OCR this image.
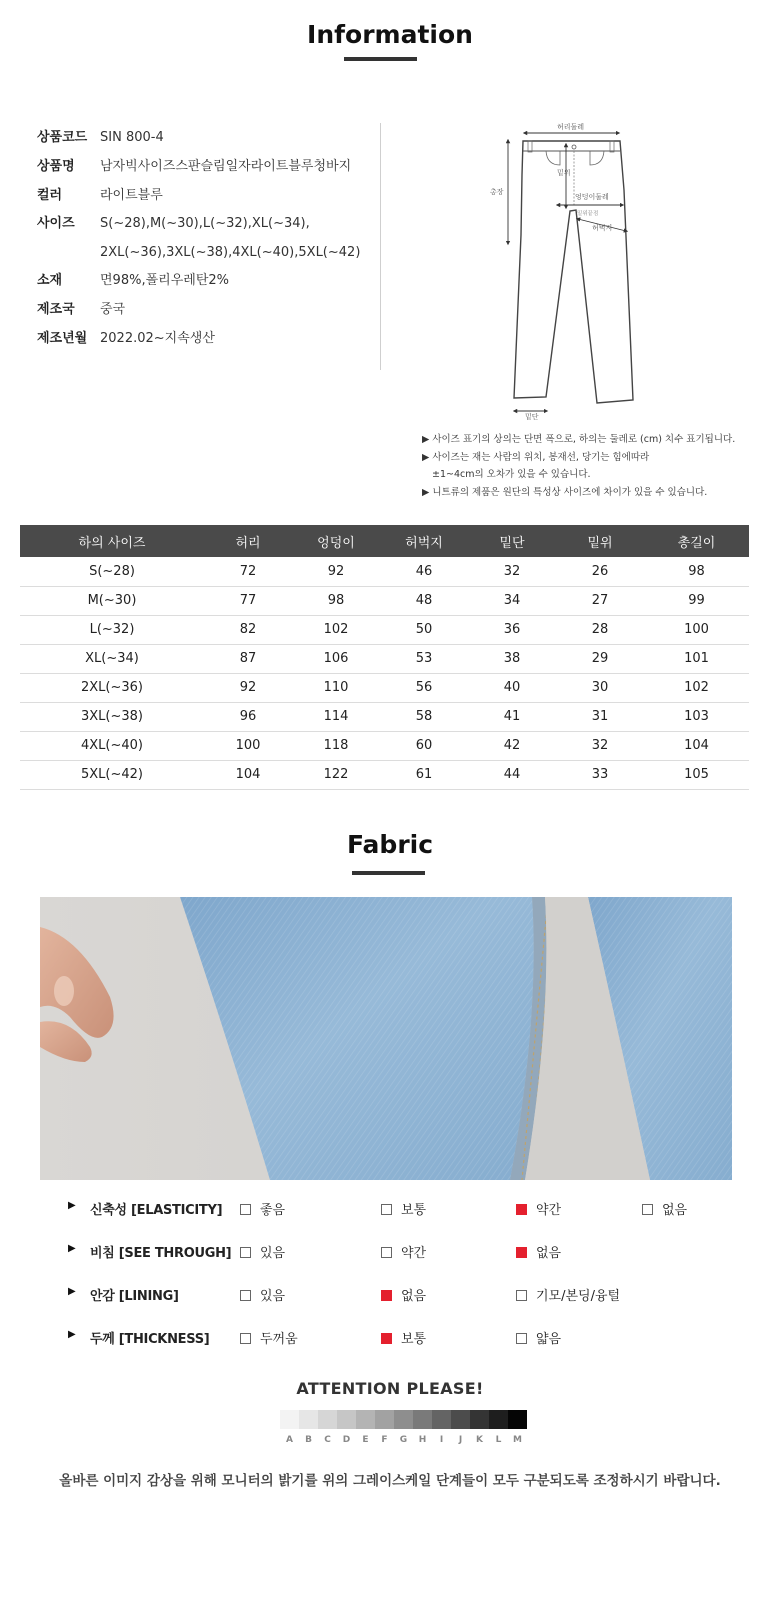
Information
상품코드 SIN 800-4
상품명	남자빅사이즈스판슬림일자라이트블루청바지
컬러	라이트블루
사이즈	S(~28),M(~30),L(~32),XL(~34),
2XL(~36),3XL(~38),4XL(~40),5XL(~42)
소재	면98%,폴리우레탄2%
제조국	중국
제조년월 2022.02~지속생산
허리둘레
총장
밑위
엉덩이둘레
밑위끝점
허벅지
밑단
▶ 사이즈 표기의 상의는 단면 폭으로, 하의는 둘레로 (cm) 치수 표기됩니다.
▶ 사이즈는 재는 사람의 위치, 봉재선, 당기는 힘에따라
±1~4cm의 오차가 있을 수 있습니다.
▶ 니트류의 제품은 원단의 특성상 사이즈에 차이가 있을 수 있습니다.
하의 사이즈	허리	엉덩이	허벅지	밑단	밑위	총길이
S(~28)	72	92	46	32	26	98
M(~30)	77	98	48	34	27	99
L(~32)	82	102	50	36	28	100
XL(~34)	87	106	53	38	29	101
2XL(~36)	92	110	56	40	30	102
3XL(~38)	96	114	58	41	31	103
4XL(~40)	100	118	60	42	32	104
5XL(~42)	104	122	61	44	33	105
Fabric
▶ 신축성 [ELASTICITY]	좋음	보통	약간	없음
▶ 비침 [SEE THROUGH]	있음	약간	없음
▶ 안감 [LINING]	있음	없음	기모/본딩/융털
▶ 두께 [THICKNESS]	두꺼움	보통	얇음
ATTENTION PLEASE!
A	B	C	D	E	F	G	H	I	J	K	L	M
올바른 이미지 감상을 위해 모니터의 밝기를 위의 그레이스케일 단계들이 모두 구분되도록 조정하시기 바랍니다.
